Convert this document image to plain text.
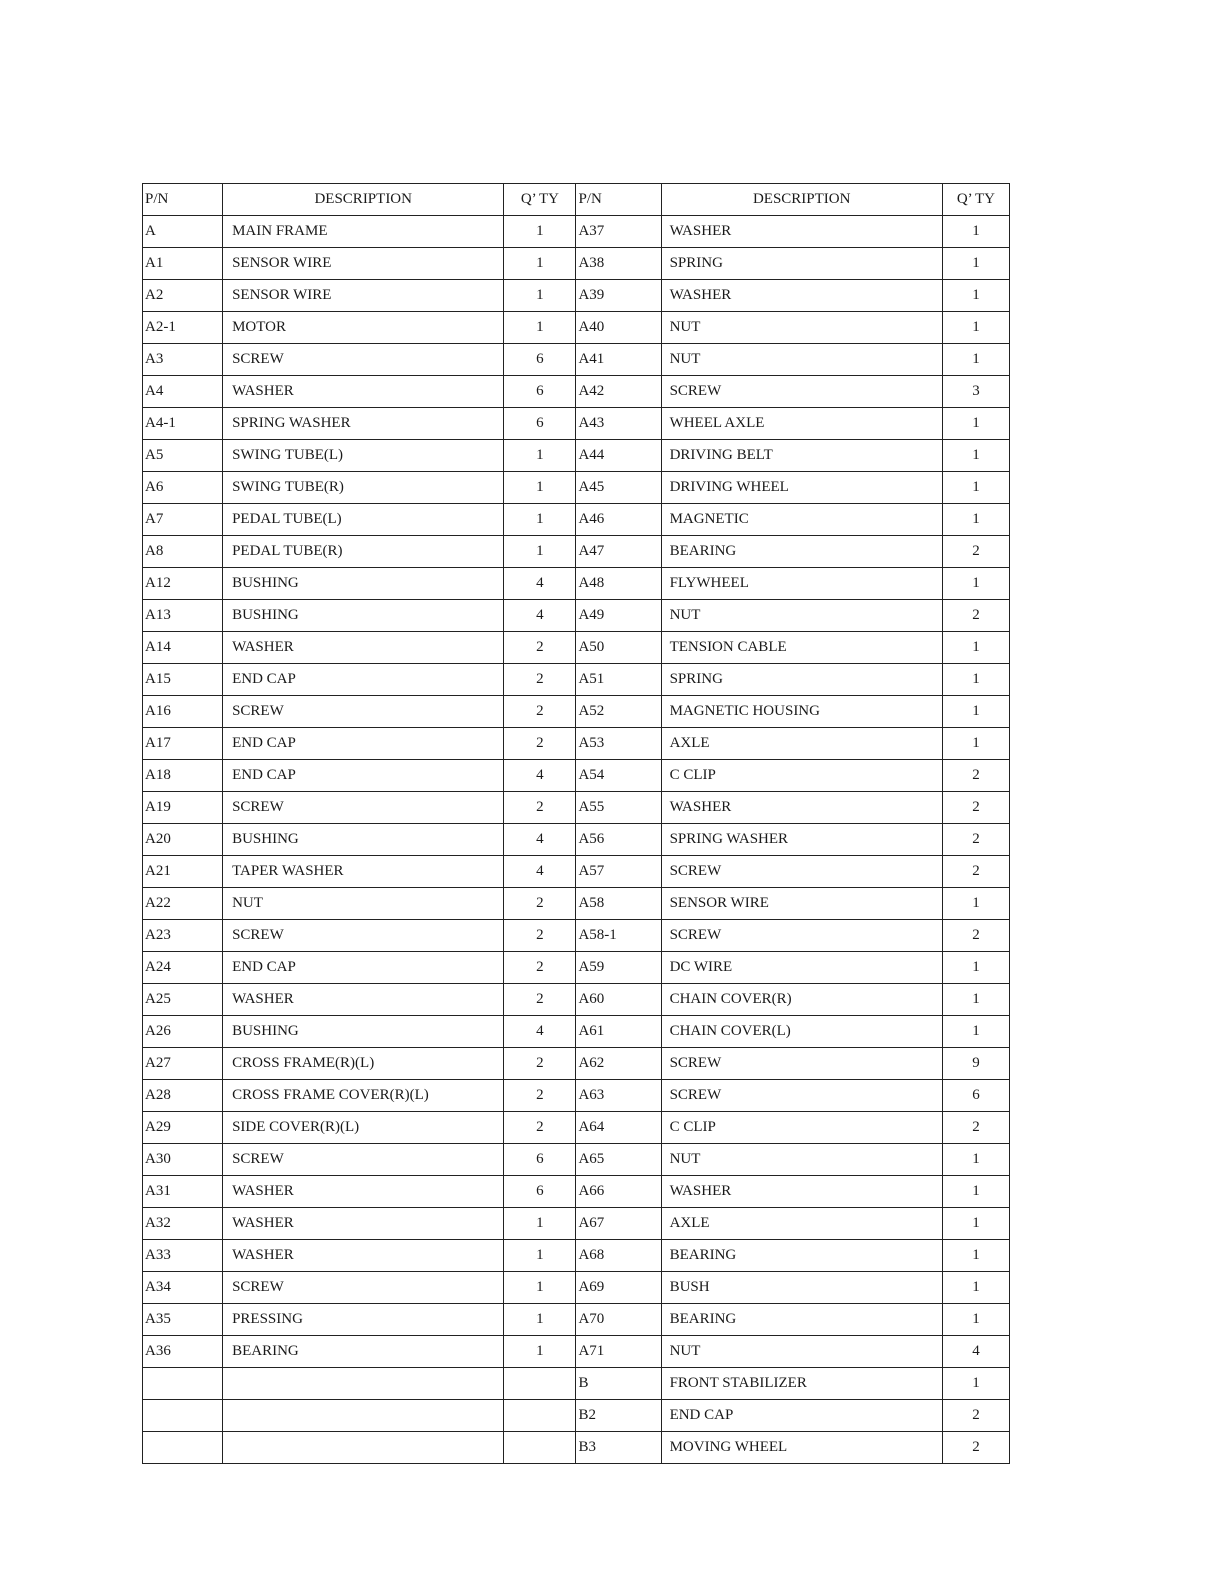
P/N	DESCRIPTION	Q’ TY	P/N	DESCRIPTION	Q’ TY
A	MAIN FRAME	1	A37	WASHER	1
A1	SENSOR WIRE	1	A38	SPRING	1
A2	SENSOR WIRE	1	A39	WASHER	1
A2-1	MOTOR	1	A40	NUT	1
A3	SCREW	6	A41	NUT	1
A4	WASHER	6	A42	SCREW	3
A4-1	SPRING WASHER	6	A43	WHEEL AXLE	1
A5	SWING TUBE(L)	1	A44	DRIVING BELT	1
A6	SWING TUBE(R)	1	A45	DRIVING WHEEL	1
A7	PEDAL TUBE(L)	1	A46	MAGNETIC	1
A8	PEDAL TUBE(R)	1	A47	BEARING	2
A12	BUSHING	4	A48	FLYWHEEL	1
A13	BUSHING	4	A49	NUT	2
A14	WASHER	2	A50	TENSION CABLE	1
A15	END CAP	2	A51	SPRING	1
A16	SCREW	2	A52	MAGNETIC HOUSING	1
A17	END CAP	2	A53	AXLE	1
A18	END CAP	4	A54	C CLIP	2
A19	SCREW	2	A55	WASHER	2
A20	BUSHING	4	A56	SPRING WASHER	2
A21	TAPER WASHER	4	A57	SCREW	2
A22	NUT	2	A58	SENSOR WIRE	1
A23	SCREW	2	A58-1	SCREW	2
A24	END CAP	2	A59	DC WIRE	1
A25	WASHER	2	A60	CHAIN COVER(R)	1
A26	BUSHING	4	A61	CHAIN COVER(L)	1
A27	CROSS FRAME(R)(L)	2	A62	SCREW	9
A28	CROSS FRAME COVER(R)(L)	2	A63	SCREW	6
A29	SIDE COVER(R)(L)	2	A64	C CLIP	2
A30	SCREW	6	A65	NUT	1
A31	WASHER	6	A66	WASHER	1
A32	WASHER	1	A67	AXLE	1
A33	WASHER	1	A68	BEARING	1
A34	SCREW	1	A69	BUSH	1
A35	PRESSING	1	A70	BEARING	1
A36	BEARING	1	A71	NUT	4
			B	FRONT STABILIZER	1
			B2	END CAP	2
			B3	MOVING WHEEL	2
